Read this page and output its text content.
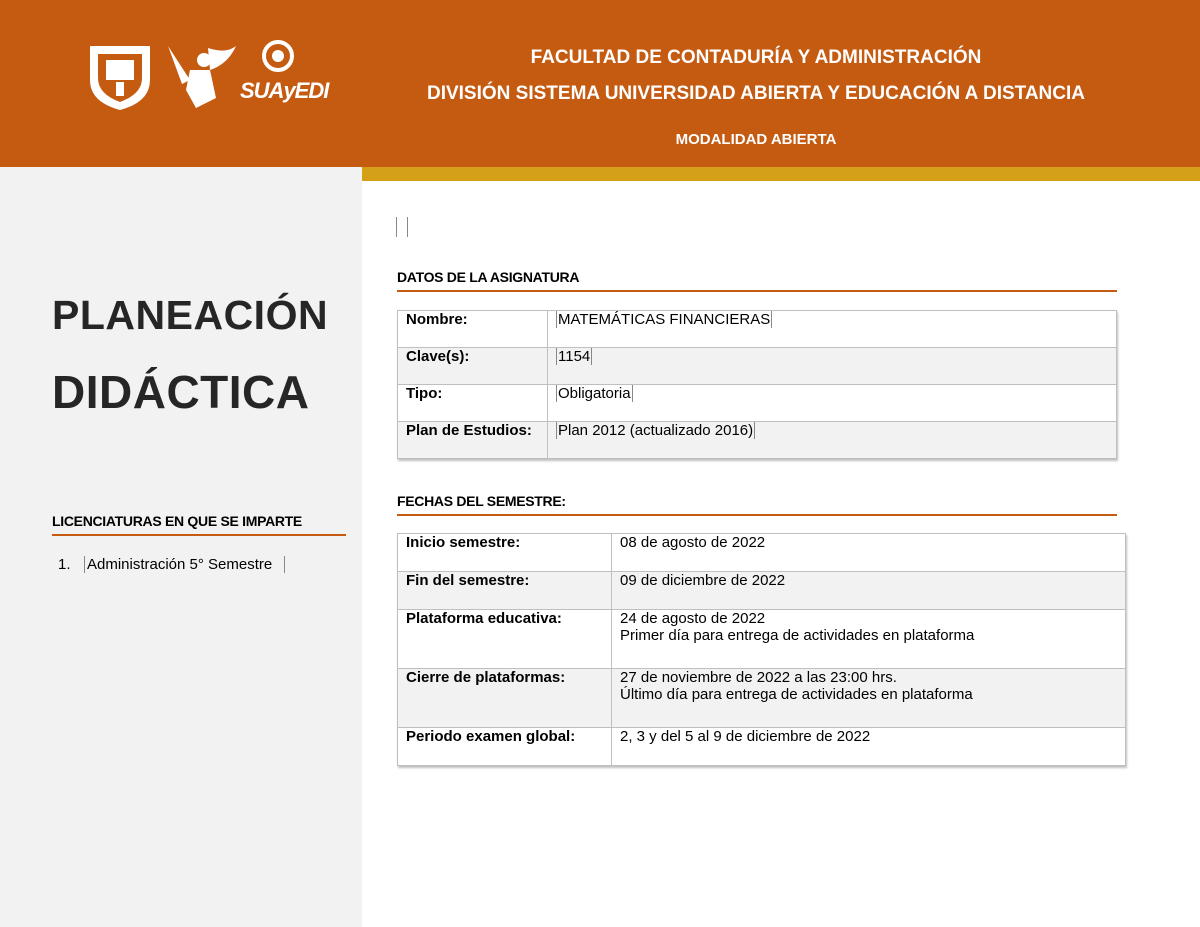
SUAyEDI
FACULTAD DE CONTADURÍA Y ADMINISTRACIÓN
DIVISIÓN SISTEMA UNIVERSIDAD ABIERTA Y EDUCACIÓN A DISTANCIA
MODALIDAD ABIERTA
PLANEACIÓN
DIDÁCTICA
LICENCIATURAS EN QUE SE IMPARTE
1. Administración 5° Semestre
DATOS DE LA ASIGNATURA
Nombre:	MATEMÁTICAS FINANCIERAS
Clave(s):	1154
Tipo:	Obligatoria
Plan de Estudios:	Plan 2012 (actualizado 2016)
FECHAS DEL SEMESTRE:
Inicio semestre:	08 de agosto de 2022
Fin del semestre:	09 de diciembre de 2022
Plataforma educativa:	24 de agosto de 2022
Primer día para entrega de actividades en plataforma

Cierre de plataformas:	27 de noviembre de 2022 a las 23:00 hrs.
Último día para entrega de actividades en plataforma

Periodo examen global:	2, 3 y del 5 al 9 de diciembre de 2022
